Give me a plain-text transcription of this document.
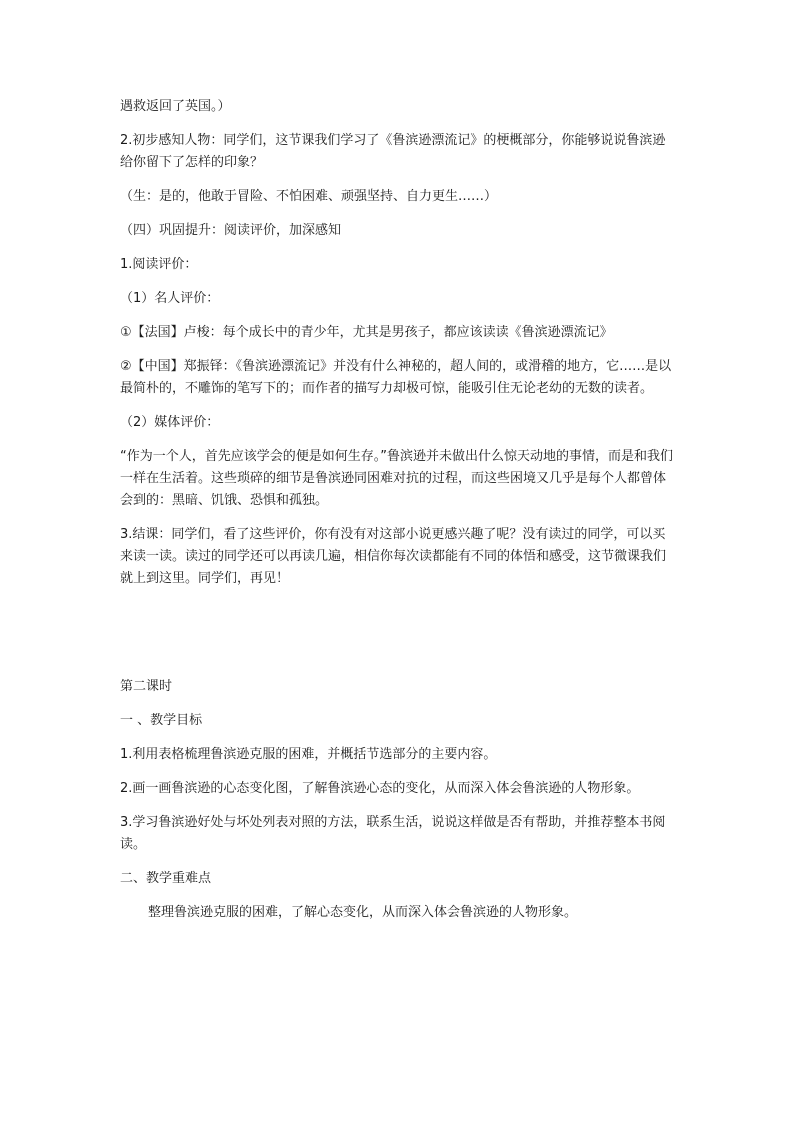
遇救返回了英国。）

2.初步感知人物：同学们，这节课我们学习了《鲁滨逊漂流记》的梗概部分，你能够说说鲁滨逊给你留下了怎样的印象？

（生：是的，他敢于冒险、不怕困难、顽强坚持、自力更生……）

（四）巩固提升：阅读评价，加深感知

1.阅读评价：

（1）名人评价：

①【法国】卢梭：每个成长中的青少年，尤其是男孩子，都应该读读《鲁滨逊漂流记》

②【中国】郑振铎：《鲁滨逊漂流记》并没有什么神秘的，超人间的，或滑稽的地方，它……是以最简朴的，不雕饰的笔写下的；而作者的描写力却极可惊，能吸引住无论老幼的无数的读者。

（2）媒体评价：

“作为一个人，首先应该学会的便是如何生存。”鲁滨逊并未做出什么惊天动地的事情，而是和我们一样在生活着。这些琐碎的细节是鲁滨逊同困难对抗的过程，而这些困境又几乎是每个人都曾体会到的：黑暗、饥饿、恐惧和孤独。

3.结课：同学们，看了这些评价，你有没有对这部小说更感兴趣了呢？没有读过的同学，可以买来读一读。读过的同学还可以再读几遍，相信你每次读都能有不同的体悟和感受，这节微课我们就上到这里。同学们，再见！

第二课时

一 、教学目标

1.利用表格梳理鲁滨逊克服的困难，并概括节选部分的主要内容。

2.画一画鲁滨逊的心态变化图，了解鲁滨逊心态的变化，从而深入体会鲁滨逊的人物形象。

3.学习鲁滨逊好处与坏处列表对照的方法，联系生活，说说这样做是否有帮助，并推荐整本书阅读。

二、教学重难点

整理鲁滨逊克服的困难，了解心态变化，从而深入体会鲁滨逊的人物形象。
